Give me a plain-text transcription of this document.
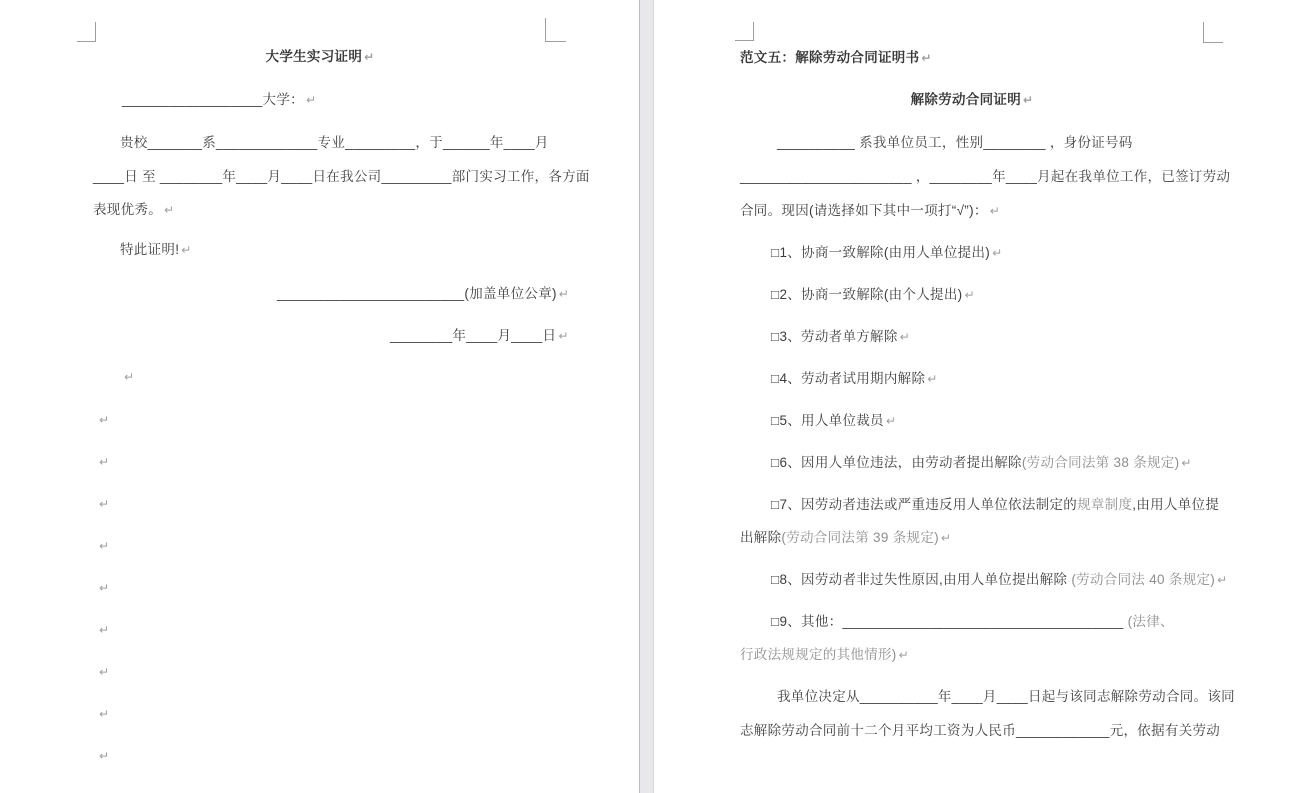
大学生实习证明 ↵
__________________大学： ↵
贵校_______系_____________专业_________，于______年____月
____日 至 ________年____月____日在我公司_________部门实习工作，各方面
表现优秀。 ↵
特此证明! ↵
________________________(加盖单位公章) ↵
________年____月____日 ↵
↵
↵
↵
↵
↵
↵
↵
↵
↵
↵
范文五：解除劳动合同证明书 ↵
解除劳动合同证明 ↵
__________ 系我单位员工，性别________ ，身份证号码
______________________ ，________年____月起在我单位工作，已签订劳动
合同。现因(请选择如下其中一项打“√”)： ↵
□1、协商一致解除(由用人单位提出) ↵
□2、协商一致解除(由个人提出) ↵
□3、劳动者单方解除 ↵
□4、劳动者试用期内解除 ↵
□5、用人单位裁员 ↵
□6、因用人单位违法，由劳动者提出解除(劳动合同法第 38 条规定) ↵
□7、因劳动者违法或严重违反用人单位依法制定的规章制度,由用人单位提
出解除(劳动合同法第 39 条规定) ↵
□8、因劳动者非过失性原因,由用人单位提出解除 (劳动合同法 40 条规定) ↵
□9、其他：____________________________________ (法律、
行政法规规定的其他情形) ↵
我单位决定从__________年____月____日起与该同志解除劳动合同。该同
志解除劳动合同前十二个月平均工资为人民币____________元，依据有关劳动
